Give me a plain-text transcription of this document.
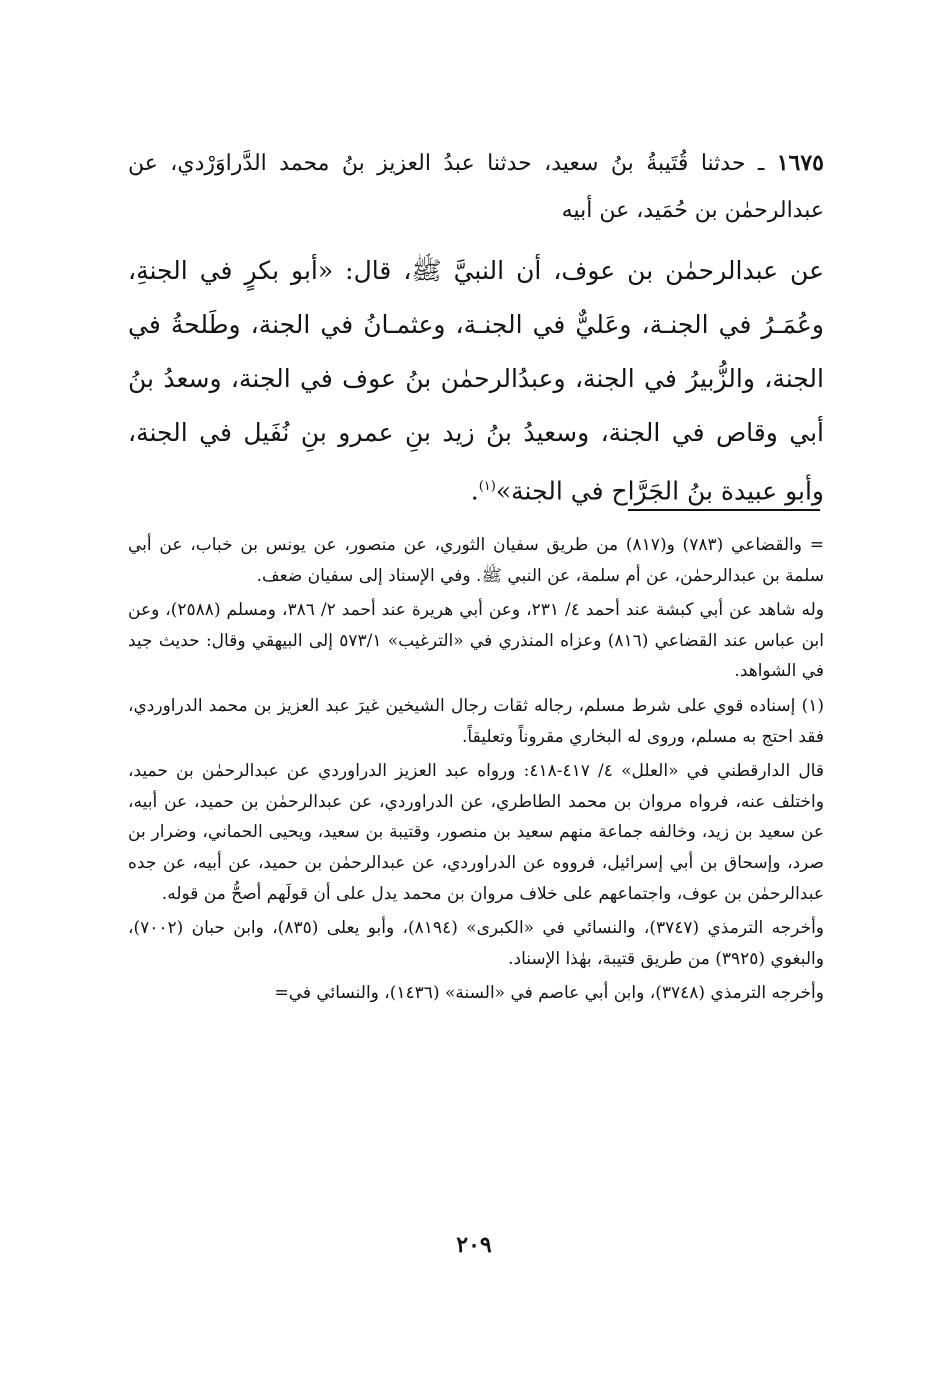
١٦٧٥ ـ حدثنا قُتَيبةُ بنُ سعيد، حدثنا عبدُ العزيز بنُ محمد الدَّراوَرْدي، عن عبدالرحمٰن بن حُمَيد، عن أبيه

عن عبدالرحمٰن بن عوف، أن النبيَّ ﷺ، قال: «أبو بكرٍ في الجنةِ، وعُمَـرُ في الجنـة، وعَليٌّ في الجنـة، وعثمـانُ في الجنة، وطَلحةُ في الجنة، والزُّبيرُ في الجنة، وعبدُالرحمٰن بنُ عوف في الجنة، وسعدُ بنُ أبي وقاص في الجنة، وسعيدُ بنُ زيد بنِ عمرو بنِ نُفَيل في الجنة، وأبو عبيدة بنُ الجَرَّاح في الجنة»$^{(١)}$.

= والقضاعي (٧٨٣) و(٨١٧) من طريق سفيان الثوري، عن منصور، عن يونس بن خباب، عن أبي سلمة بن عبدالرحمٰن، عن أم سلمة، عن النبي ﷺ. وفي الإسناد إلى سفيان ضعف.

وله شاهد عن أبي كبشة عند أحمد ٤/ ٢٣١، وعن أبي هريرة عند أحمد ٢/ ٣٨٦، ومسلم (٢٥٨٨)، وعن ابن عباس عند القضاعي (٨١٦) وعزاه المنذري في «الترغيب» ٥٧٣/١ إلى البيهقي وقال: حديث جيد في الشواهد.

(١) إسناده قوي على شرط مسلم، رجاله ثقات رجال الشيخين غيرَ عبد العزيز بن محمد الدراوردي، فقد احتج به مسلم، وروى له البخاري مقروناً وتعليقاً.

قال الدارقطني في «العلل» ٤/ ٤١٧-٤١٨: ورواه عبد العزيز الدراوردي عن عبدالرحمٰن بن حميد، واختلف عنه، فرواه مروان بن محمد الطاطري، عن الدراوردي، عن عبدالرحمٰن بن حميد، عن أبيه، عن سعيد بن زيد، وخالفه جماعة منهم سعيد بن منصور، وقتيبة بن سعيد، ويحيى الحماني، وضرار بن صرد، وإسحاق بن أبي إسرائيل، فرووه عن الدراوردي، عن عبدالرحمٰن بن حميد، عن أبيه، عن جده عبدالرحمٰن بن عوف، واجتماعهم على خلاف مروان بن محمد يدل على أن قولَهم أصحُّ من قوله.

وأخرجه الترمذي (٣٧٤٧)، والنسائي في «الكبرى» (٨١٩٤)، وأبو يعلى (٨٣٥)، وابن حبان (٧٠٠٢)، والبغوي (٣٩٢٥) من طريق قتيبة، بهٰذا الإسناد.

وأخرجه الترمذي (٣٧٤٨)، وابن أبي عاصم في «السنة» (١٤٣٦)، والنسائي في=

٢٠٩
